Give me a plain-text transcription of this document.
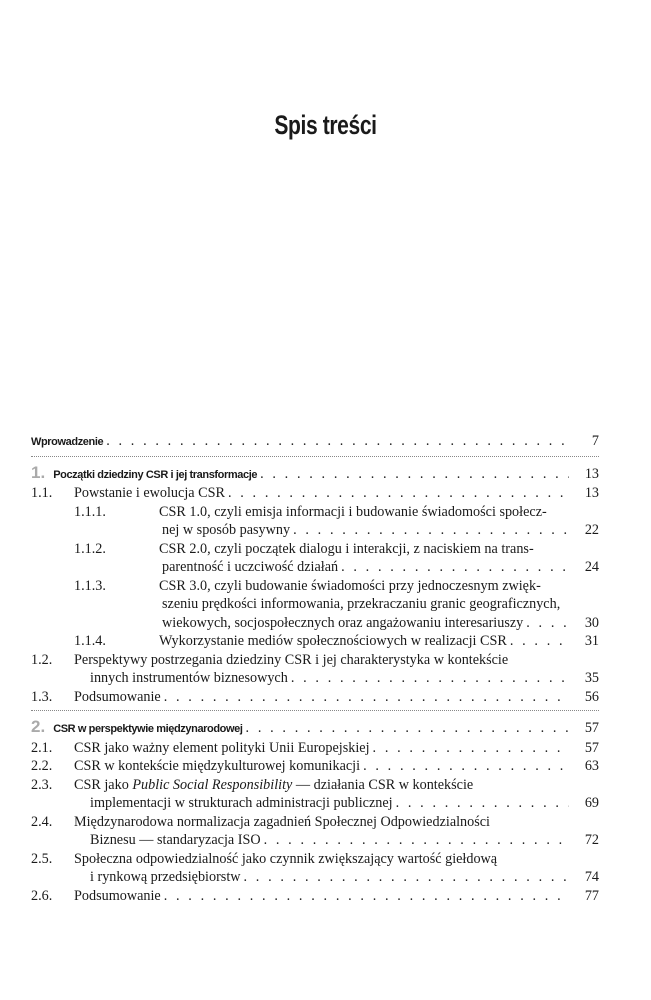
Spis treści
Wprowadzenie . . .	7
1. Początki dziedziny CSR i jej transformacje . . .	13
1.1. Powstanie i ewolucja CSR . . .	13
1.1.1.	CSR 1.0, czyli emisja informacji i budowanie świadomości społecz-
nej w sposób pasywny . . .	22
1.1.2.	CSR 2.0, czyli początek dialogu i interakcji, z naciskiem na trans-
parentność i uczciwość działań . . .	24
1.1.3.	CSR 3.0, czyli budowanie świadomości przy jednoczesnym zwięk-
szeniu prędkości informowania, przekraczaniu granic geograficznych,
wiekowych, socjospołecznych oraz angażowaniu interesariuszy . . .	30
1.1.4.	Wykorzystanie mediów społecznościowych w realizacji CSR . . .	31
1.2. Perspektywy postrzegania dziedziny CSR i jej charakterystyka w kontekście
innych instrumentów biznesowych . . .	35
1.3. Podsumowanie . . .	56
2. CSR w perspektywie międzynarodowej . . .	57
2.1. CSR jako ważny element polityki Unii Europejskiej . . .	57
2.2. CSR w kontekście międzykulturowej komunikacji . . .	63
2.3. CSR jako Public Social Responsibility — działania CSR w kontekście
implementacji w strukturach administracji publicznej . . .	69
2.4. Międzynarodowa normalizacja zagadnień Społecznej Odpowiedzialności
Biznesu — standaryzacja ISO . . .	72
2.5. Społeczna odpowiedzialność jako czynnik zwiększający wartość giełdową
i rynkową przedsiębiorstw . . .	74
2.6. Podsumowanie . . .	77
